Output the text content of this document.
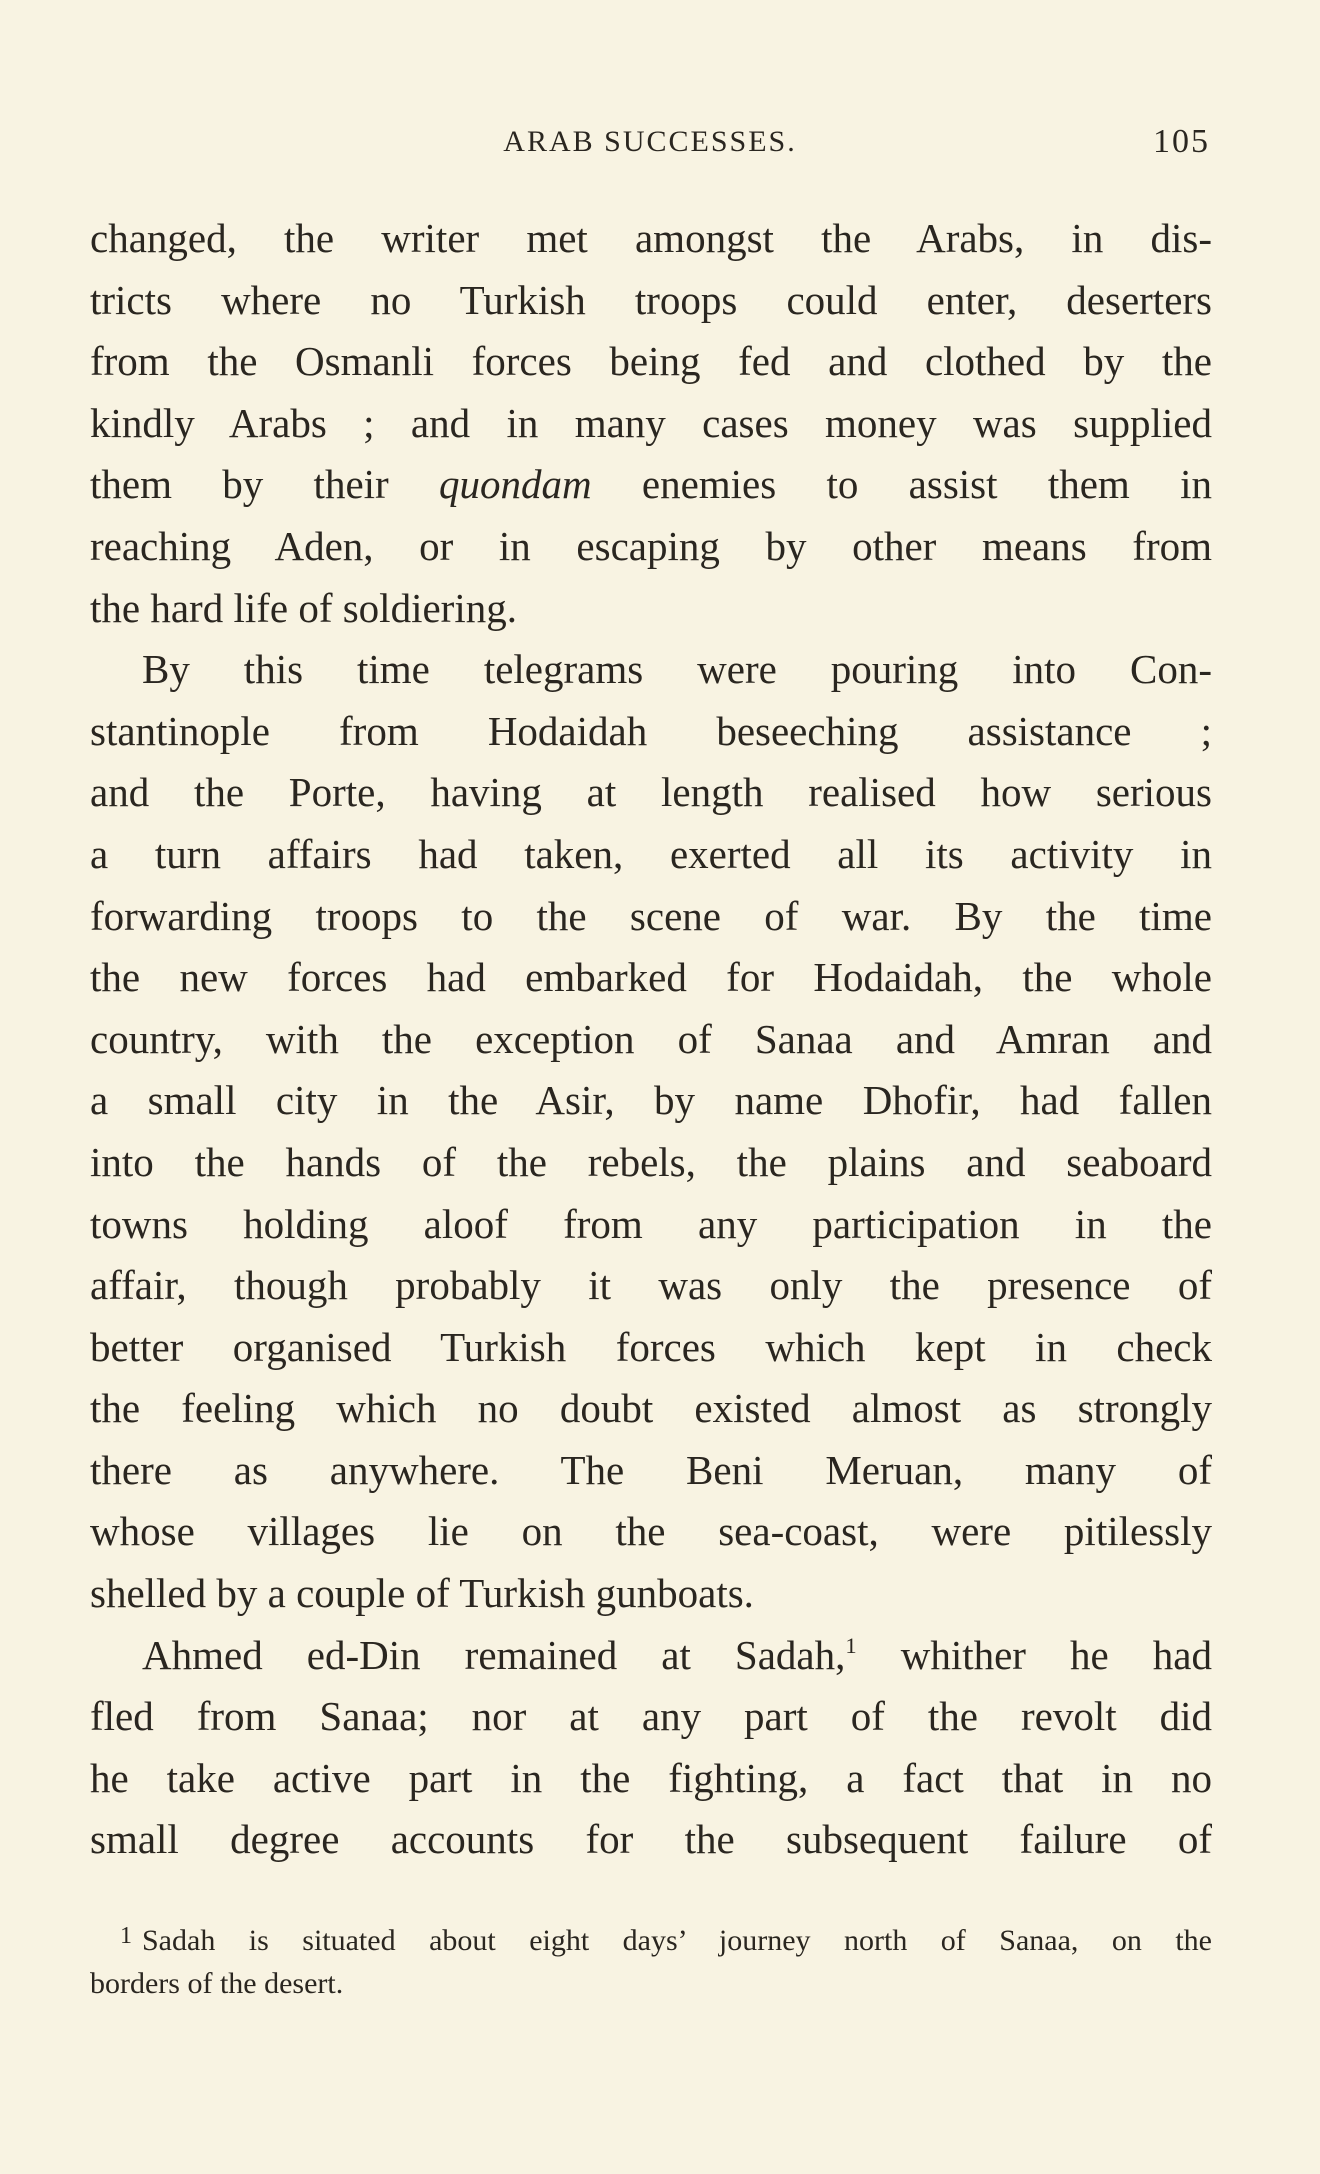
ARAB SUCCESSES.	105
changed, the writer met amongst the Arabs, in dis-
tricts where no Turkish troops could enter, deserters
from the Osmanli forces being fed and clothed by the
kindly Arabs ; and in many cases money was supplied
them by their quondam enemies to assist them in
reaching Aden, or in escaping by other means from
the hard life of soldiering.
By this time telegrams were pouring into Con-
stantinople from Hodaidah beseeching assistance ;
and the Porte, having at length realised how serious
a turn affairs had taken, exerted all its activity in
forwarding troops to the scene of war. By the time
the new forces had embarked for Hodaidah, the whole
country, with the exception of Sanaa and Amran and
a small city in the Asir, by name Dhofir, had fallen
into the hands of the rebels, the plains and seaboard
towns holding aloof from any participation in the
affair, though probably it was only the presence of
better organised Turkish forces which kept in check
the feeling which no doubt existed almost as strongly
there as anywhere. The Beni Meruan, many of
whose villages lie on the sea-coast, were pitilessly
shelled by a couple of Turkish gunboats.
Ahmed ed-Din remained at Sadah,$^1$ whither he had
fled from Sanaa; nor at any part of the revolt did
he take active part in the fighting, a fact that in no
small degree accounts for the subsequent failure of
$^1$ Sadah is situated about eight days’ journey north of Sanaa, on the
borders of the desert.
